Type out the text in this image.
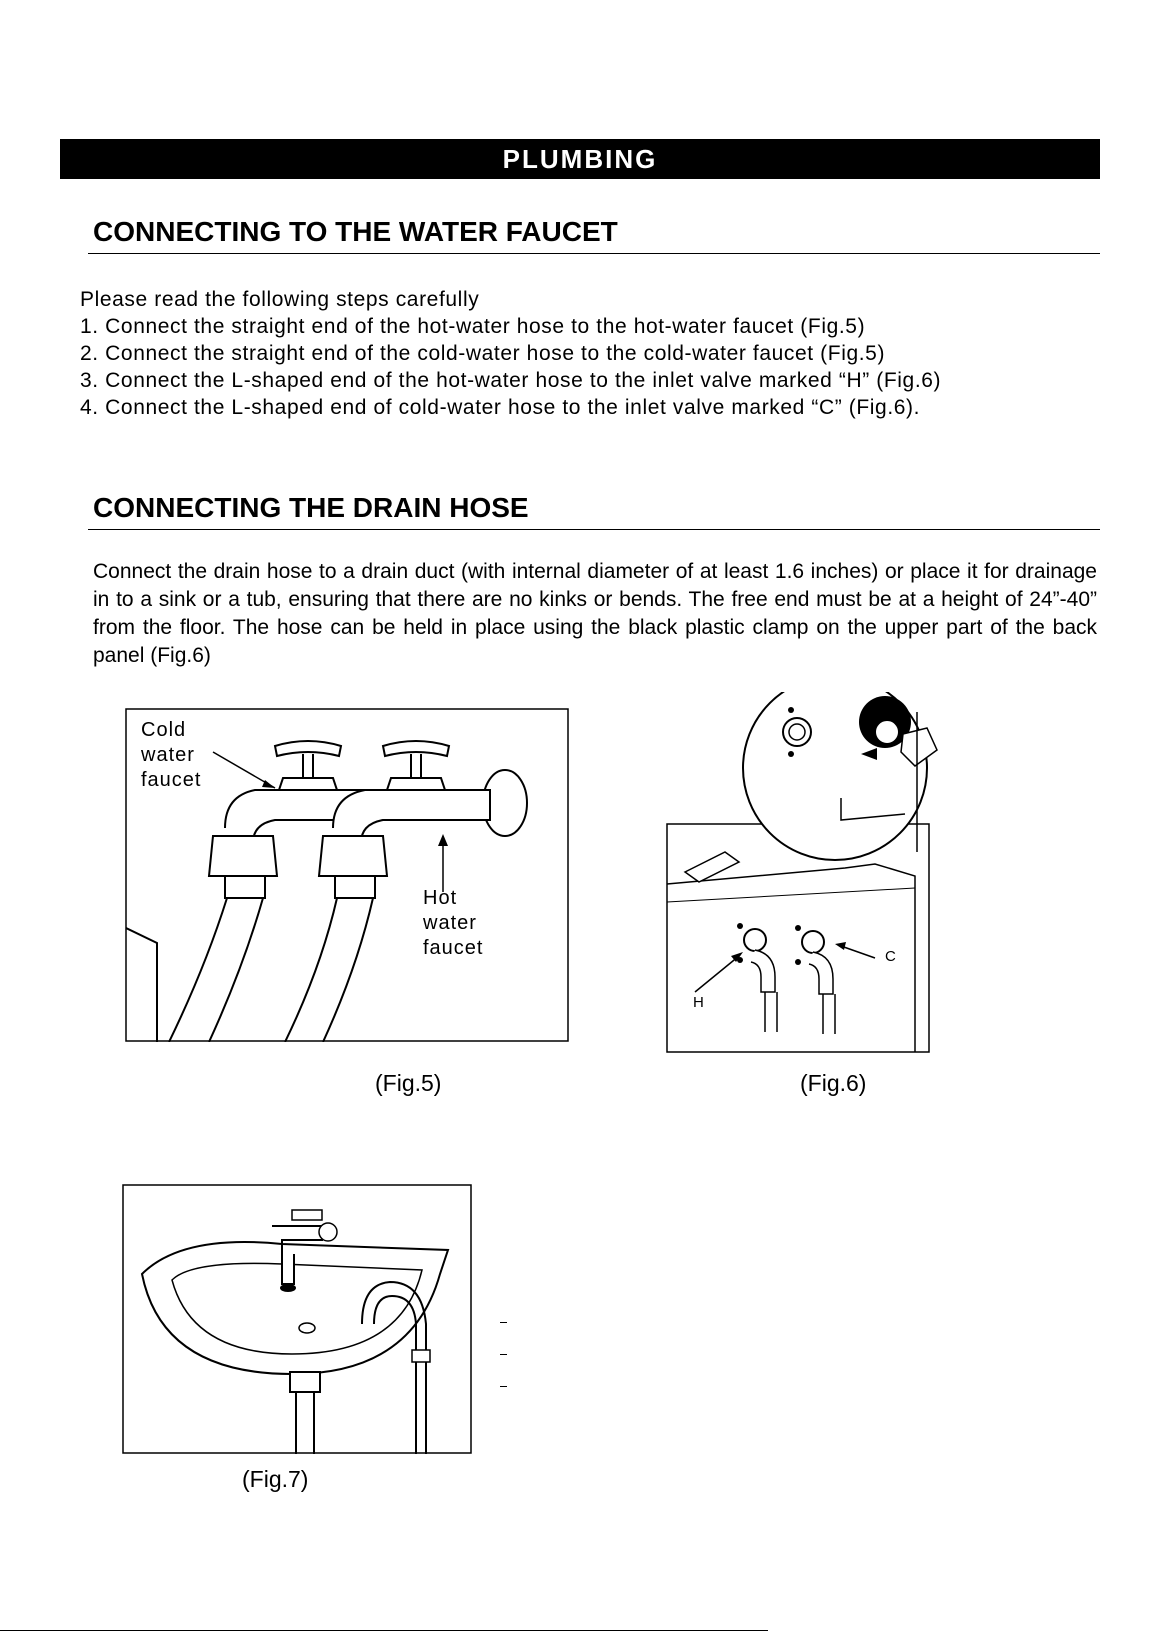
PLUMBING
CONNECTING TO THE WATER FAUCET
Please read the following steps carefully
1. Connect the straight end of the hot-water hose to the hot-water faucet (Fig.5)
2. Connect the straight end of the cold-water hose to the cold-water faucet (Fig.5)
3. Connect the L-shaped end of the hot-water hose to the inlet valve marked “H” (Fig.6)
4. Connect the L-shaped end of cold-water hose to the inlet valve marked “C” (Fig.6).
CONNECTING THE DRAIN HOSE

Connect the drain hose to a drain duct (with internal diameter of at least 1.6 inches) or place it for drainage in to a sink or a tub, ensuring that there are no kinks or bends. The free end must be at a height of 24”-40” from the floor. The hose can be held in place using the black plastic clamp on the upper part of the back panel (Fig.6)

Cold
water
faucet
Hot
water
faucet
(Fig.5)
H
C
(Fig.6)
(Fig.7)
